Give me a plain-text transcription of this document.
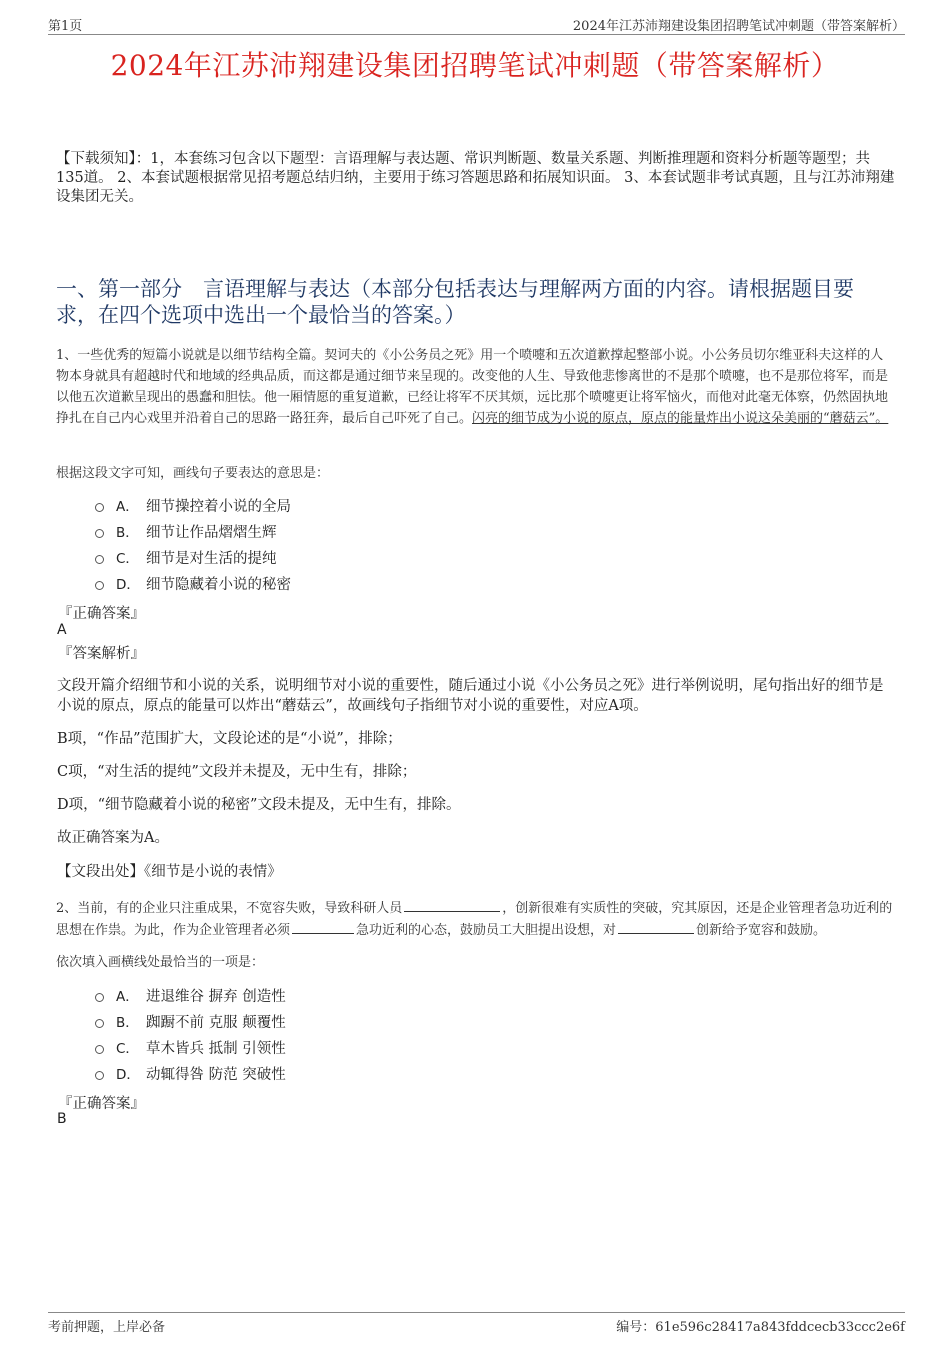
第1页	2024年江苏沛翔建设集团招聘笔试冲刺题（带答案解析）
2024年江苏沛翔建设集团招聘笔试冲刺题（带答案解析）
【下载须知】：1，本套练习包含以下题型：言语理解与表达题、常识判断题、数量关系题、判断推理题和资料分析题等题型；共135道。 2、本套试题根据常见招考题总结归纳，主要用于练习答题思路和拓展知识面。 3、本套试题非考试真题，且与江苏沛翔建设集团无关。
一、第一部分　言语理解与表达（本部分包括表达与理解两方面的内容。请根据题目要求，在四个选项中选出一个最恰当的答案。）
1、一些优秀的短篇小说就是以细节结构全篇。契诃夫的《小公务员之死》用一个喷嚏和五次道歉撑起整部小说。小公务员切尔维亚科夫这样的人物本身就具有超越时代和地域的经典品质，而这都是通过细节来呈现的。改变他的人生、导致他悲惨离世的不是那个喷嚏，也不是那位将军，而是以他五次道歉呈现出的愚蠢和胆怯。他一厢情愿的重复道歉，已经让将军不厌其烦，远比那个喷嚏更让将军恼火，而他对此毫无体察，仍然固执地挣扎在自己内心戏里并沿着自己的思路一路狂奔，最后自己吓死了自己。闪亮的细节成为小说的原点，原点的能量炸出小说这朵美丽的“蘑菇云”。
根据这段文字可知，画线句子要表达的意思是：
A． 细节操控着小说的全局
B． 细节让作品熠熠生辉
C． 细节是对生活的提纯
D． 细节隐藏着小说的秘密
『正确答案』
A
『答案解析』
文段开篇介绍细节和小说的关系，说明细节对小说的重要性，随后通过小说《小公务员之死》进行举例说明，尾句指出好的细节是小说的原点，原点的能量可以炸出“蘑菇云”，故画线句子指细节对小说的重要性，对应A项。
B项，“作品”范围扩大，文段论述的是“小说”，排除；
C项，“对生活的提纯”文段并未提及，无中生有，排除；
D项，“细节隐藏着小说的秘密”文段未提及，无中生有，排除。
故正确答案为A。
【文段出处】《细节是小说的表情》
2、当前，有的企业只注重成果，不宽容失败，导致科研人员	，创新很难有实质性的突破，究其原因，还是企业管理者急功近利的思想在作祟。为此，作为企业管理者必须	急功近利的心态，鼓励员工大胆提出设想，对	创新给予宽容和鼓励。
依次填入画横线处最恰当的一项是：
A． 进退维谷 摒弃 创造性
B． 踟蹰不前 克服 颠覆性
C． 草木皆兵 抵制 引领性
D． 动辄得咎 防范 突破性
『正确答案』
B
考前押题，上岸必备	编号：61e596c28417a843fddcecb33ccc2e6f
